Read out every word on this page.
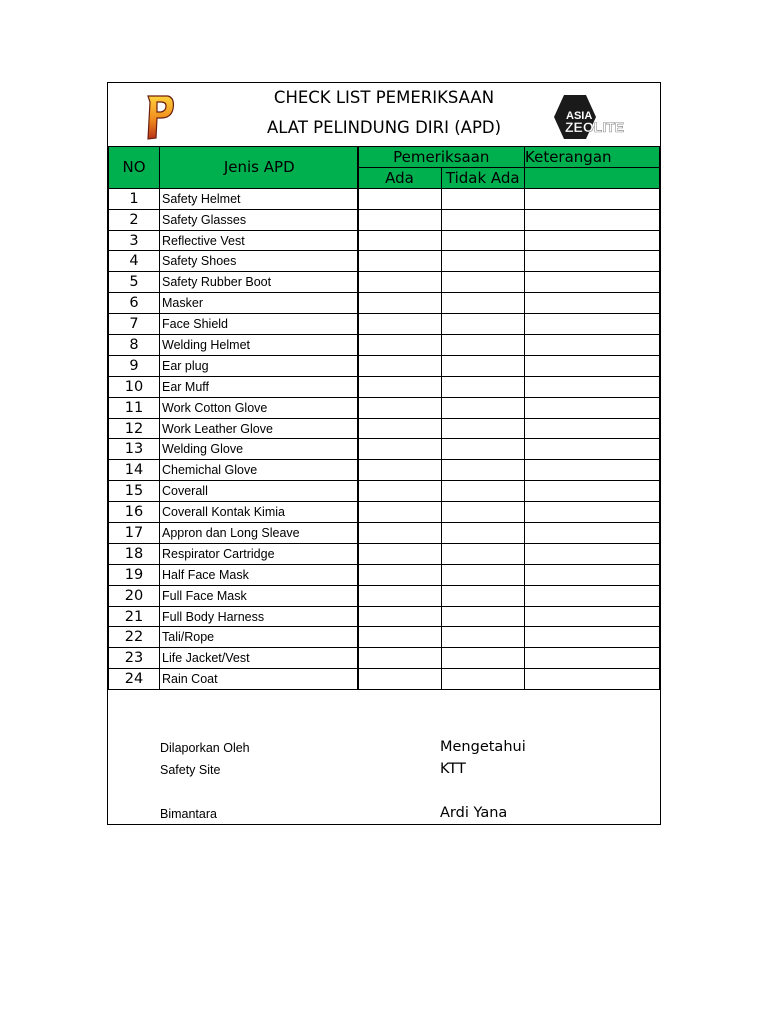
P	CHECK LIST PEMERIKSAAN
ALAT PELINDUNG DIRI (APD)
ASIA
ZEOLITE
NO	Jenis APD	Pemeriksaan		Keterangan
		Ada	Tidak Ada	
1	Safety Helmet			
2	Safety Glasses			
3	Reflective Vest			
4	Safety Shoes			
5	Safety Rubber Boot			
6	Masker			
7	Face Shield			
8	Welding Helmet			
9	Ear plug			
10	Ear Muff			
11	Work Cotton Glove			
12	Work Leather Glove			
13	Welding Glove			
14	Chemichal Glove			
15	Coverall			
16	Coverall Kontak Kimia			
17	Appron dan Long Sleave			
18	Respirator Cartridge			
19	Half Face Mask			
20	Full Face Mask			
21	Full Body Harness			
22	Tali/Rope			
23	Life Jacket/Vest			
24	Rain Coat			
Dilaporkan Oleh
Safety Site
Bimantara
Mengetahui
KTT
Ardi Yana
